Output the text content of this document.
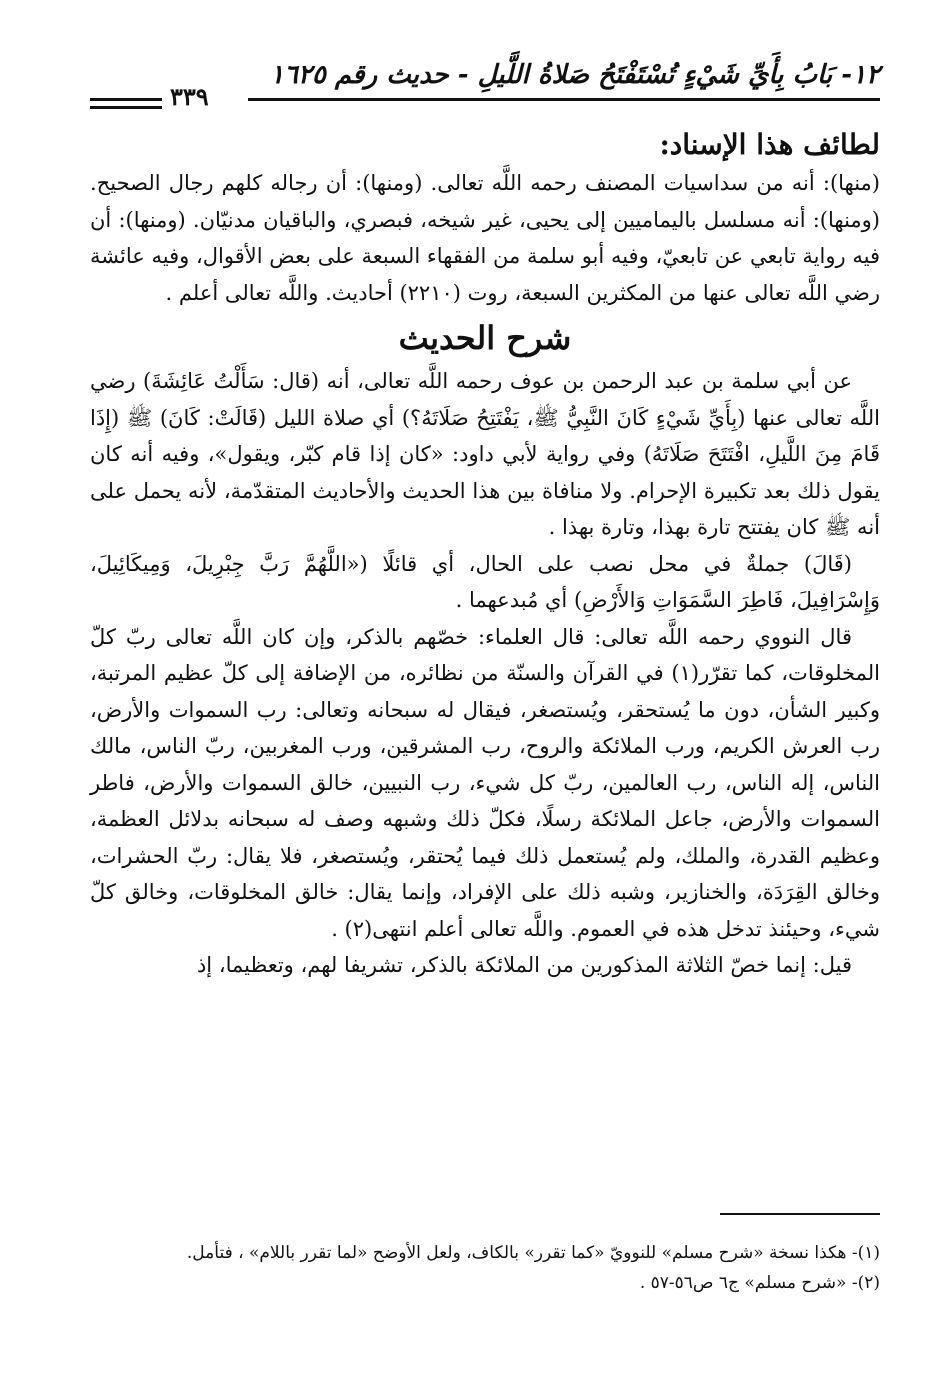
١٢- بَابُ بِأَيِّ شَيْءٍ تُسْتَفْتَحُ صَلاةُ اللَّيلِ - حديث رقم ١٦٢٥
٣٣٩
لطائف هذا الإسناد:

(منها): أنه من سداسيات المصنف رحمه اللَّه تعالى. (ومنها): أن رجاله كلهم رجال الصحيح. (ومنها): أنه مسلسل باليماميين إلى يحيى، غير شيخه، فبصري، والباقيان مدنيّان. (ومنها): أن فيه رواية تابعي عن تابعيّ، وفيه أبو سلمة من الفقهاء السبعة على بعض الأقوال، وفيه عائشة رضي اللَّه تعالى عنها من المكثرين السبعة، روت (٢٢١٠) أحاديث. واللَّه تعالى أعلم .

شرح الحديث

عن أبي سلمة بن عبد الرحمن بن عوف رحمه اللَّه تعالى، أنه (قال: سَأَلْتُ عَائِشَةَ) رضي اللَّه تعالى عنها (بِأَيِّ شَيْءٍ كَانَ النَّبِيُّ ﷺ، يَفْتَتِحُ صَلَاتَهُ؟) أي صلاة الليل (قَالَتْ: كَانَ) ﷺ (إِذَا قَامَ مِنَ اللَّيلِ، افْتَتَحَ صَلَاتَهُ) وفي رواية لأبي داود: «كان إذا قام كبّر، ويقول»، وفيه أنه كان يقول ذلك بعد تكبيرة الإحرام. ولا منافاة بين هذا الحديث والأحاديث المتقدّمة، لأنه يحمل على أنه ﷺ كان يفتتح تارة بهذا، وتارة بهذا .

(قَالَ) جملةٌ في محل نصب على الحال، أي قائلًا («اللَّهُمَّ رَبَّ جِبْرِيلَ، وَمِيكَائِيلَ، وَإِسْرَافِيلَ، فَاطِرَ السَّمَوَاتِ وَالأَرْضِ) أي مُبدعهما .

قال النووي رحمه اللَّه تعالى: قال العلماء: خصّهم بالذكر، وإن كان اللَّه تعالى ربّ كلّ المخلوقات، كما تقرّر(١) في القرآن والسنّة من نظائره، من الإضافة إلى كلّ عظيم المرتبة، وكبير الشأن، دون ما يُستحقر، ويُستصغر، فيقال له سبحانه وتعالى: رب السموات والأرض، رب العرش الكريم، ورب الملائكة والروح، رب المشرقين، ورب المغربين، ربّ الناس، مالك الناس، إله الناس، رب العالمين، ربّ كل شيء، رب النبيين، خالق السموات والأرض، فاطر السموات والأرض، جاعل الملائكة رسلًا، فكلّ ذلك وشبهه وصف له سبحانه بدلائل العظمة، وعظيم القدرة، والملك، ولم يُستعمل ذلك فيما يُحتقر، ويُستصغر، فلا يقال: ربّ الحشرات، وخالق القِرَدَة، والخنازير، وشبه ذلك على الإفراد، وإنما يقال: خالق المخلوقات، وخالق كلّ شيء، وحيئنذ تدخل هذه في العموم. واللَّه تعالى أعلم انتهى(٢) .

قيل: إنما خصّ الثلاثة المذكورين من الملائكة بالذكر، تشريفا لهم، وتعظيما، إذ

(١)- هكذا نسخة «شرح مسلم» للنوويّ «كما تقرر» بالكاف، ولعل الأوضح «لما تقرر باللام» ، فتأمل.

(٢)- «شرح مسلم» ج٦ ص٥٦-٥٧ .
